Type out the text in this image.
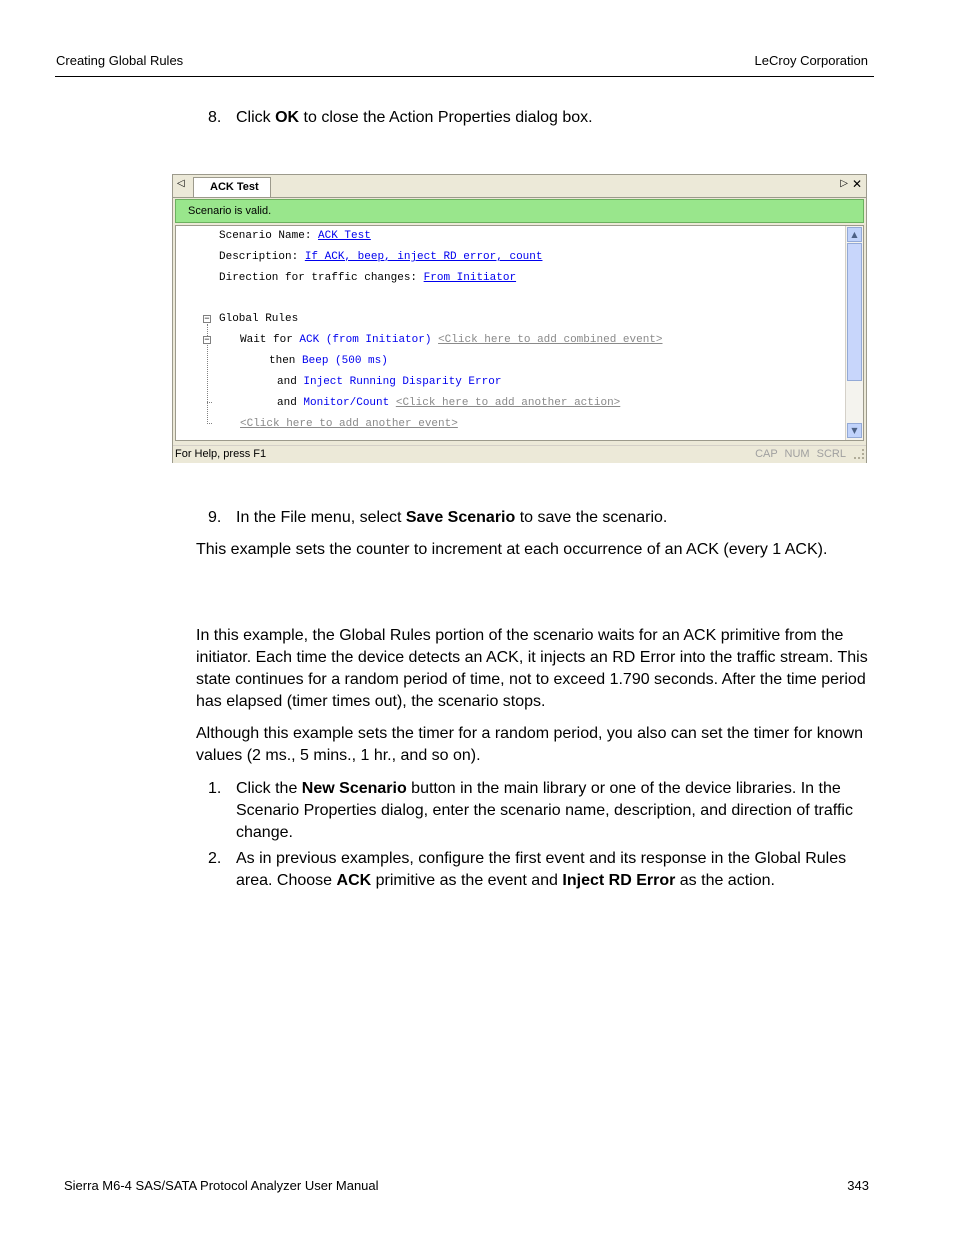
Creating Global Rules	LeCroy Corporation
8. Click OK to close the Action Properties dialog box.
◁	ACK Test	▷ ✕
Scenario is valid.
Scenario Name: ACK Test
Description: If ACK, beep, inject RD error, count
Direction for traffic changes: From Initiator
− Global Rules
−	Wait for ACK (from Initiator) <Click here to add combined event>
then Beep (500 ms)
and Inject Running Disparity Error
and Monitor/Count <Click here to add another action>
<Click here to add another event>
▲
▼
For Help, press F1	CAP NUM SCRL
9. In the File menu, select Save Scenario to save the scenario.
This example sets the counter to increment at each occurrence of an ACK (every 1 ACK).
In this example, the Global Rules portion of the scenario waits for an ACK primitive from the initiator. Each time the device detects an ACK, it injects an RD Error into the traffic stream. This state continues for a random period of time, not to exceed 1.790 seconds. After the time period has elapsed (timer times out), the scenario stops.
Although this example sets the timer for a random period, you also can set the timer for known values (2 ms., 5 mins., 1 hr., and so on).
1. Click the New Scenario button in the main library or one of the device libraries. In the Scenario Properties dialog, enter the scenario name, description, and direction of traffic change.
2. As in previous examples, configure the first event and its response in the Global Rules area. Choose ACK primitive as the event and Inject RD Error as the action.
Sierra M6-4 SAS/SATA Protocol Analyzer User Manual	343
